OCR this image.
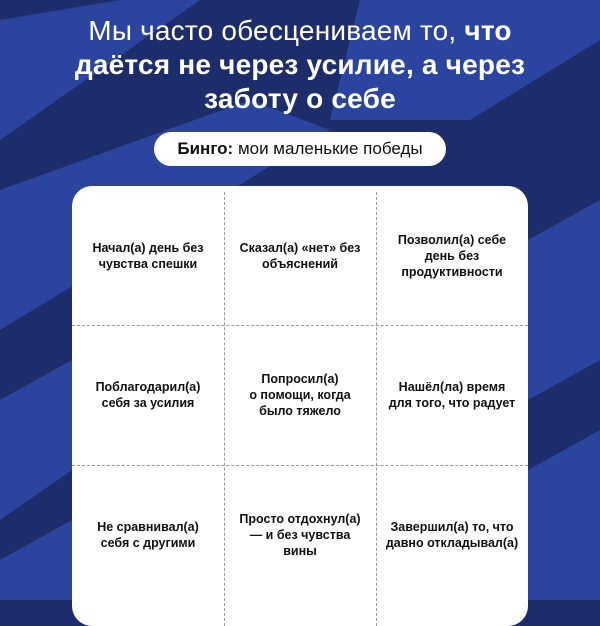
Мы часто обесцениваем то, что
даётся не через усилие, а через
заботу о себе
Бинго: мои маленькие победы
Начал(а) день без
чувства спешки
Сказал(а) «нет» без
объяснений
Позволил(а) себе
день без
продуктивности
Поблагодарил(а)
себя за усилия
Попросил(а)
о помощи, когда
было тяжело
Нашёл(ла) время
для того, что радует
Не сравнивал(а)
себя с другими
Просто отдохнул(а)
— и без чувства
вины
Завершил(а) то, что
давно откладывал(а)
